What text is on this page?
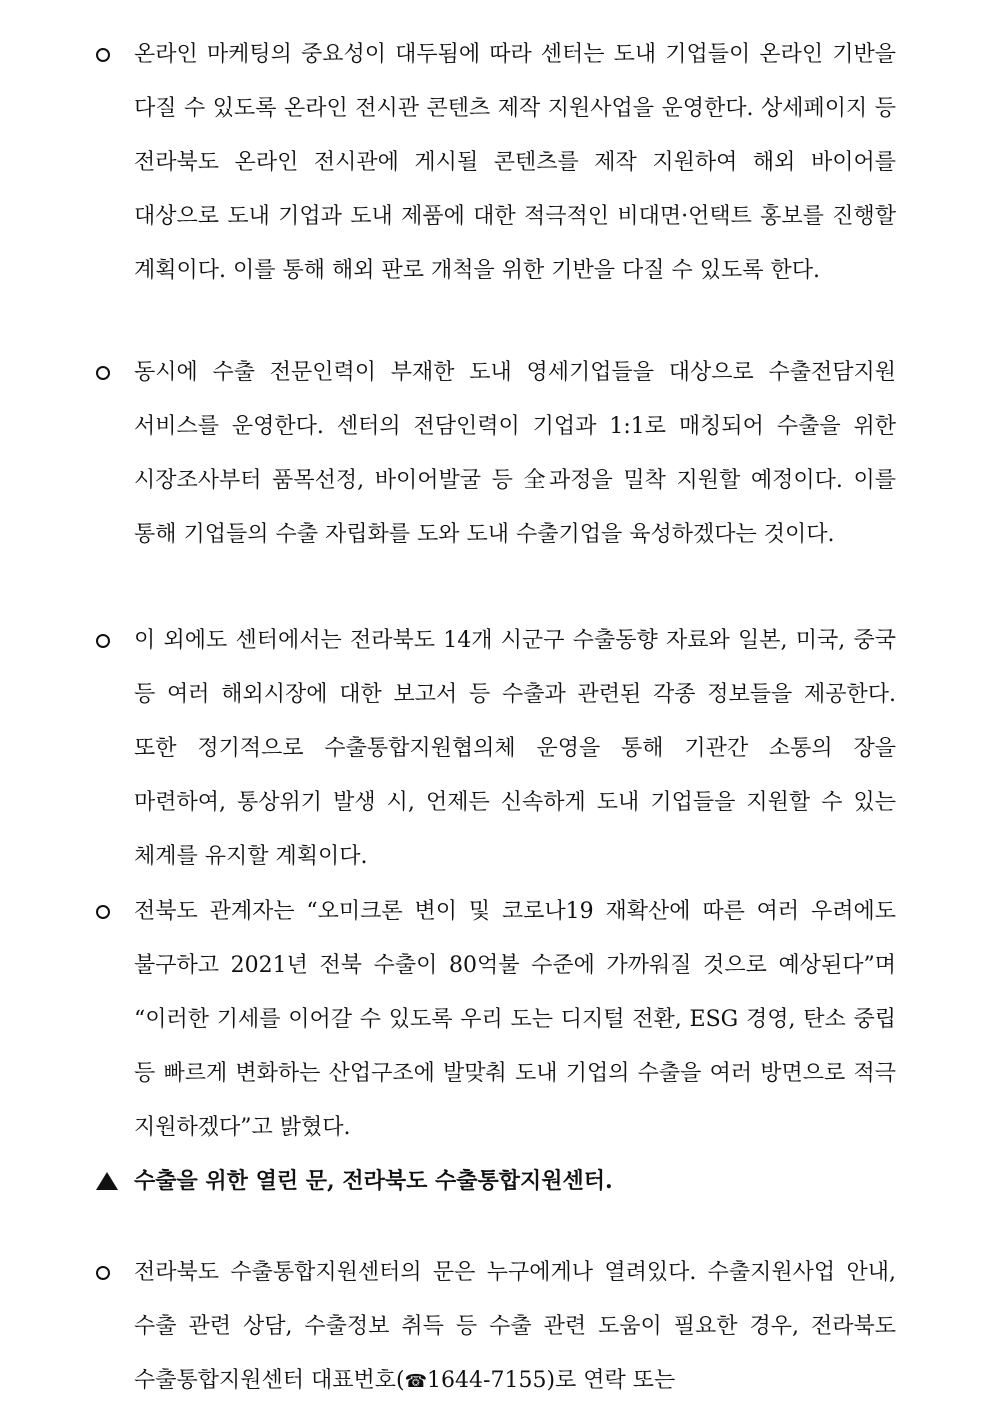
온라인 마케팅의 중요성이 대두됨에 따라 센터는 도내 기업들이 온라인 기반을 다질 수 있도록 온라인 전시관 콘텐츠 제작 지원사업을 운영한다. 상세페이지 등 전라북도 온라인 전시관에 게시될 콘텐츠를 제작 지원하여 해외 바이어를 대상으로 도내 기업과 도내 제품에 대한 적극적인 비대면·언택트 홍보를 진행할 계획이다. 이를 통해 해외 판로 개척을 위한 기반을 다질 수 있도록 한다.
동시에 수출 전문인력이 부재한 도내 영세기업들을 대상으로 수출전담지원 서비스를 운영한다. 센터의 전담인력이 기업과 1:1로 매칭되어 수출을 위한 시장조사부터 품목선정, 바이어발굴 등 全과정을 밀착 지원할 예정이다. 이를 통해 기업들의 수출 자립화를 도와 도내 수출기업을 육성하겠다는 것이다.
이 외에도 센터에서는 전라북도 14개 시군구 수출동향 자료와 일본, 미국, 중국 등 여러 해외시장에 대한 보고서 등 수출과 관련된 각종 정보들을 제공한다. 또한 정기적으로 수출통합지원협의체 운영을 통해 기관간 소통의 장을 마련하여, 통상위기 발생 시, 언제든 신속하게 도내 기업들을 지원할 수 있는 체계를 유지할 계획이다.
전북도 관계자는 “오미크론 변이 및 코로나19 재확산에 따른 여러 우려에도 불구하고 2021년 전북 수출이 80억불 수준에 가까워질 것으로 예상된다”며 “이러한 기세를 이어갈 수 있도록 우리 도는 디지털 전환, ESG 경영, 탄소 중립 등 빠르게 변화하는 산업구조에 발맞춰 도내 기업의 수출을 여러 방면으로 적극 지원하겠다”고 밝혔다.
수출을 위한 열린 문, 전라북도 수출통합지원센터.
전라북도 수출통합지원센터의 문은 누구에게나 열려있다. 수출지원사업 안내, 수출 관련 상담, 수출정보 취득 등 수출 관련 도움이 필요한 경우, 전라북도 수출통합지원센터 대표번호(☎1644-7155)로 연락 또는
